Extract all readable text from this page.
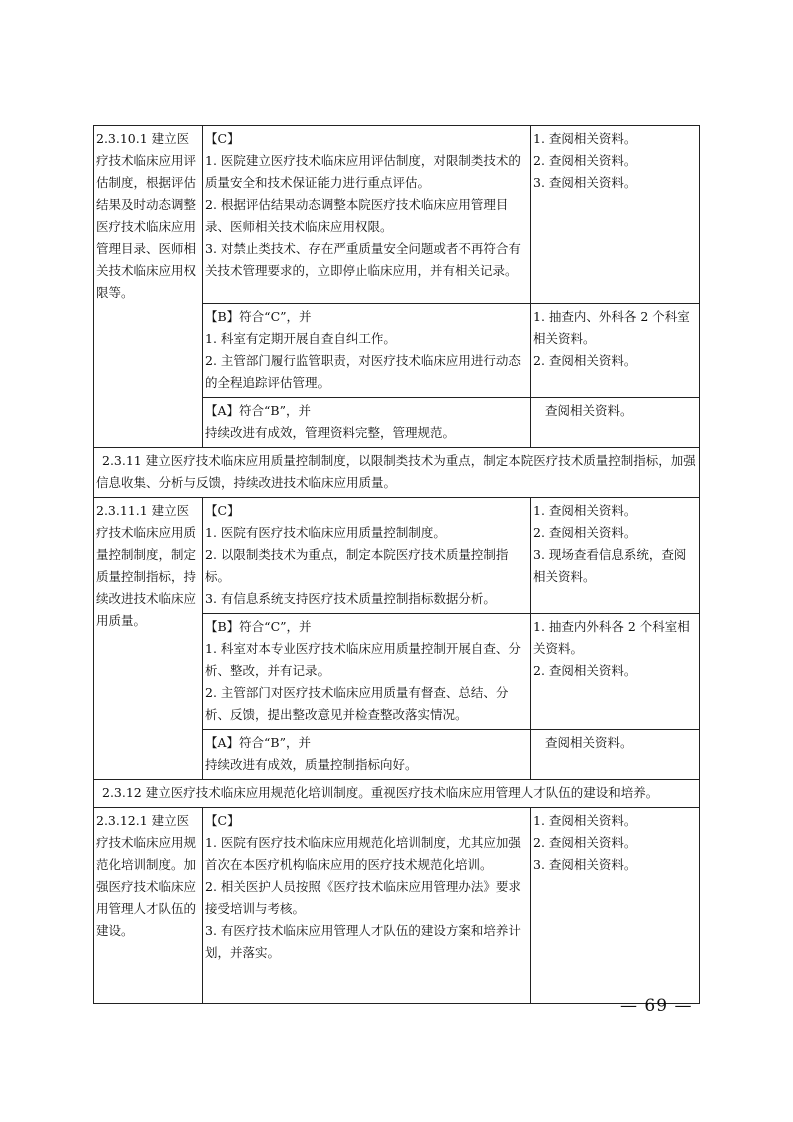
2.3.10.1 建立医疗技术临床应用评估制度，根据评估结果及时动态调整医疗技术临床应用管理目录、医师相关技术临床应用权限等。	【C】
1. 医院建立医疗技术临床应用评估制度，对限制类技术的质量安全和技术保证能力进行重点评估。
2. 根据评估结果动态调整本院医疗技术临床应用管理目录、医师相关技术临床应用权限。
3. 对禁止类技术、存在严重质量安全问题或者不再符合有关技术管理要求的，立即停止临床应用，并有相关记录。	1. 查阅相关资料。
2. 查阅相关资料。
3. 查阅相关资料。

	【B】符合“C”，并
1. 科室有定期开展自查自纠工作。
2. 主管部门履行监管职责，对医疗技术临床应用进行动态的全程追踪评估管理。	1. 抽查内、外科各 2 个科室相关资料。
2. 查阅相关资料。

	【A】符合“B”，并
持续改进有成效，管理资料完整，管理规范。	查阅相关资料。

2.3.11 建立医疗技术临床应用质量控制制度，以限制类技术为重点，制定本院医疗技术质量控制指标，加强信息收集、分析与反馈，持续改进技术临床应用质量。		

2.3.11.1 建立医疗技术临床应用质量控制制度，制定质量控制指标，持续改进技术临床应用质量。	【C】
1. 医院有医疗技术临床应用质量控制制度。
2. 以限制类技术为重点，制定本院医疗技术质量控制指标。
3. 有信息系统支持医疗技术质量控制指标数据分析。	1. 查阅相关资料。
2. 查阅相关资料。
3. 现场查看信息系统，查阅相关资料。

	【B】符合“C”，并
1. 科室对本专业医疗技术临床应用质量控制开展自查、分析、整改，并有记录。
2. 主管部门对医疗技术临床应用质量有督查、总结、分析、反馈，提出整改意见并检查整改落实情况。	1. 抽查内外科各 2 个科室相关资料。
2. 查阅相关资料。

	【A】符合“B”，并
持续改进有成效，质量控制指标向好。	查阅相关资料。

2.3.12 建立医疗技术临床应用规范化培训制度。重视医疗技术临床应用管理人才队伍的建设和培养。		

2.3.12.1 建立医疗技术临床应用规范化培训制度。加强医疗技术临床应用管理人才队伍的建设。	【C】
1. 医院有医疗技术临床应用规范化培训制度，尤其应加强首次在本医疗机构临床应用的医疗技术规范化培训。
2. 相关医护人员按照《医疗技术临床应用管理办法》要求接受培训与考核。
3. 有医疗技术临床应用管理人才队伍的建设方案和培养计划，并落实。	1. 查阅相关资料。
2. 查阅相关资料。
3. 查阅相关资料。
— 69 —
